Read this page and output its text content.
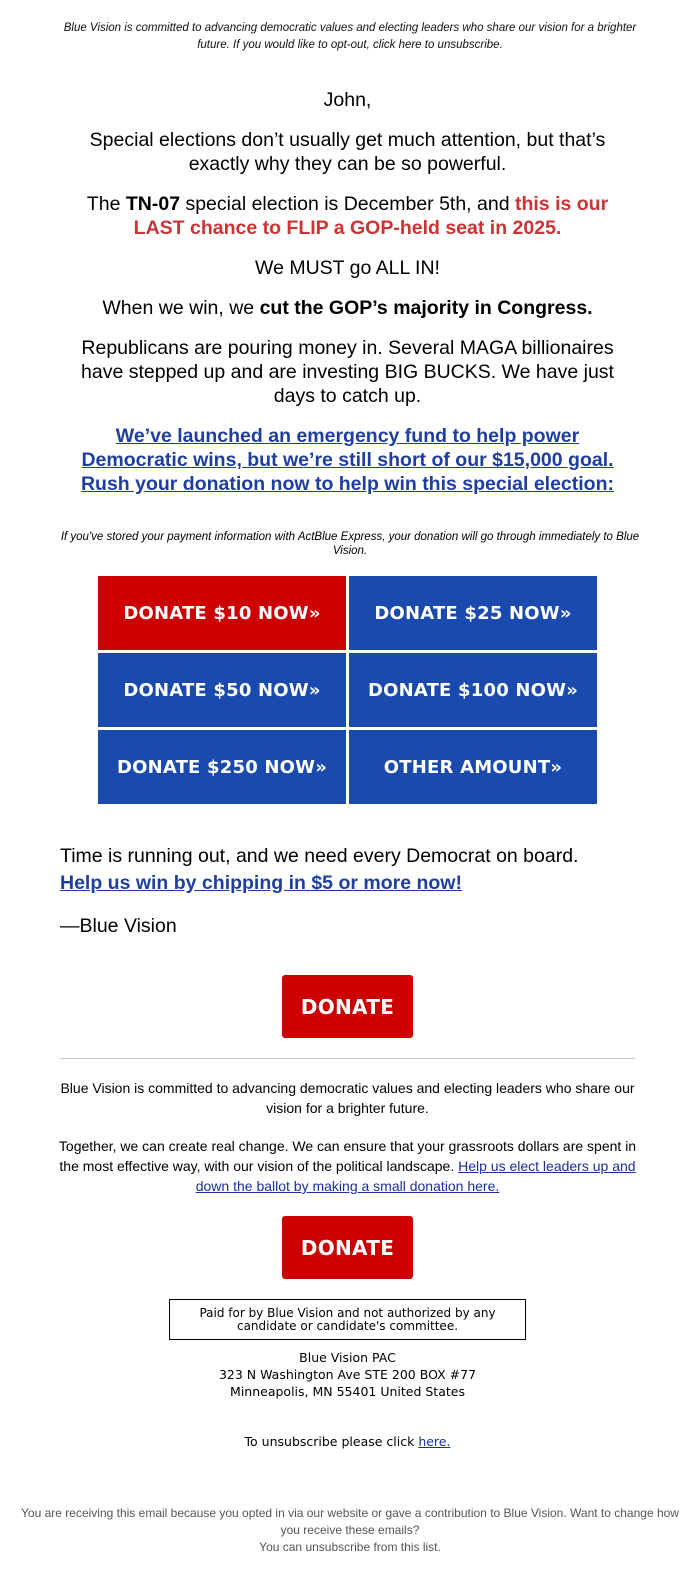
Blue Vision is committed to advancing democratic values and electing leaders who share our vision for a brighter future. If you would like to opt-out, click here to unsubscribe.

John,

Special elections don’t usually get much attention, but that’s exactly why they can be so powerful.

The TN-07 special election is December 5th, and this is our LAST chance to FLIP a GOP-held seat in 2025.

We MUST go ALL IN!

When we win, we cut the GOP’s majority in Congress.

Republicans are pouring money in. Several MAGA billionaires have stepped up and are investing BIG BUCKS. We have just days to catch up.

We’ve launched an emergency fund to help power Democratic wins, but we’re still short of our $15,000 goal. Rush your donation now to help win this special election:

If you've stored your payment information with ActBlue Express, your donation will go through immediately to Blue Vision.
DONATE $10 NOW»	DONATE $25 NOW»
DONATE $50 NOW»	DONATE $100 NOW»
DONATE $250 NOW»	OTHER AMOUNT»
Time is running out, and we need every Democrat on board.
Help us win by chipping in $5 or more now!
—Blue Vision
DONATE
Blue Vision is committed to advancing democratic values and electing leaders who share our vision for a brighter future.
Together, we can create real change. We can ensure that your grassroots dollars are spent in the most effective way, with our vision of the political landscape. Help us elect leaders up and down the ballot by making a small donation here.
DONATE
Paid for by Blue Vision and not authorized by any candidate or candidate's committee.
Blue Vision PAC
323 N Washington Ave STE 200 BOX #77
Minneapolis, MN 55401 United States
To unsubscribe please click here.
You are receiving this email because you opted in via our website or gave a contribution to Blue Vision. Want to change how you receive these emails?
You can unsubscribe from this list.
